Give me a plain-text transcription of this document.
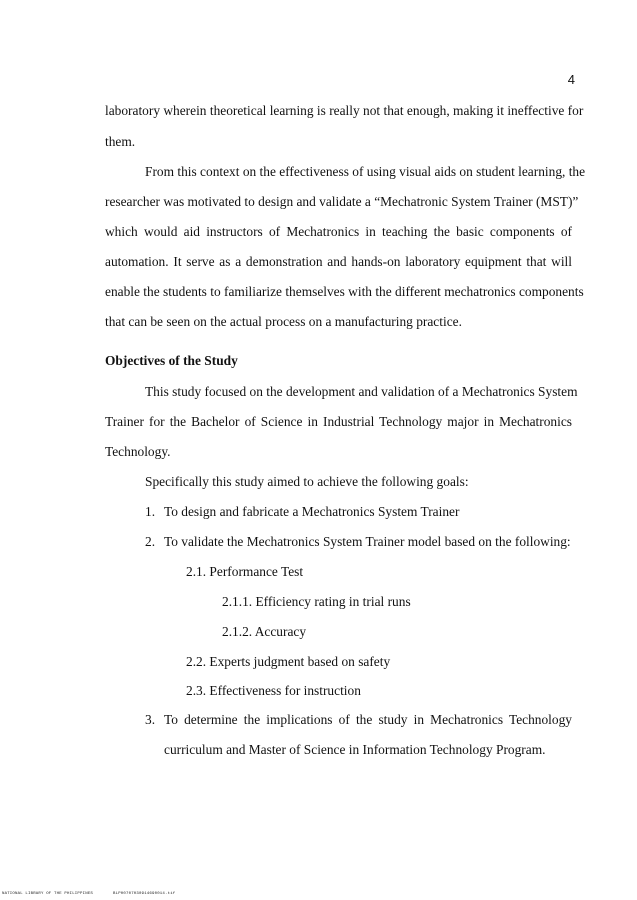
4
laboratory wherein theoretical learning is really not that enough, making it ineffective for
them.
From this context on the effectiveness of using visual aids on student learning, the
researcher was motivated to design and validate a “Mechatronic System Trainer (MST)”
which would aid instructors of Mechatronics in teaching the basic components of
automation. It serve as a demonstration and hands-on laboratory equipment that will
enable the students to familiarize themselves with the different mechatronics components
that can be seen on the actual process on a manufacturing practice.
Objectives of the Study
This study focused on the development and validation of a Mechatronics System
Trainer for the Bachelor of Science in Industrial Technology major in Mechatronics
Technology.
Specifically this study aimed to achieve the following goals:
1. To design and fabricate a Mechatronics System Trainer
2. To validate the Mechatronics System Trainer model based on the following:
2.1. Performance Test
2.1.1. Efficiency rating in trial runs
2.1.2. Accuracy
2.2. Experts judgment based on safety
2.3. Effectiveness for instruction
3. To determine the implications of the study in Mechatronics Technology
curriculum and Master of Science in Information Technology Program.
NATIONAL LIBRARY OF THE PHILIPPINES	BLP00707030914690014.tif
